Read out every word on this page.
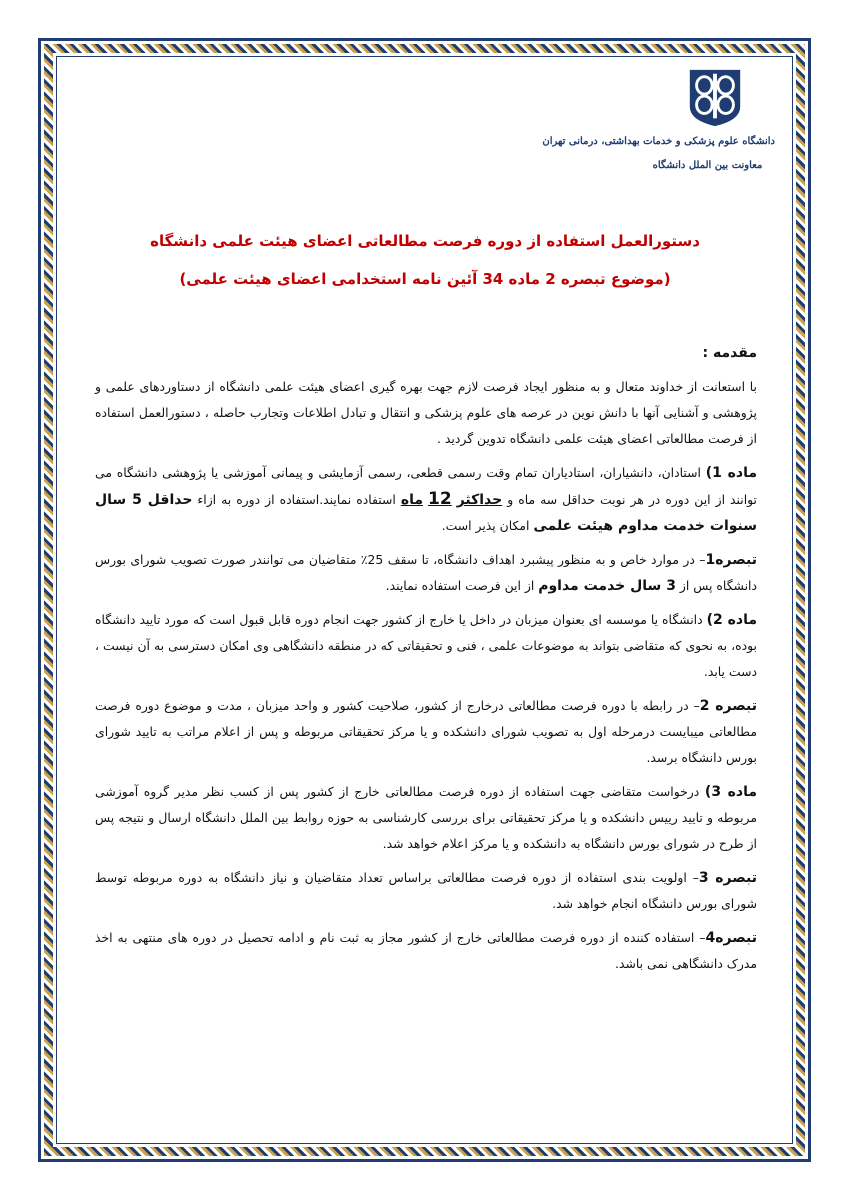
دانشگاه علوم پزشکی و خدمات بهداشتی، درمانی تهران
معاونت بین الملل دانشگاه
دستورالعمل استفاده از دوره فرصت مطالعاتی اعضای هیئت علمی دانشگاه
(موضوع تبصره 2 ماده 34 آئین نامه استخدامی اعضای هیئت علمی)
مقدمه :

با استعانت از خداوند متعال و به منظور ایجاد فرصت لازم جهت بهره گیری اعضای هیئت علمی دانشگاه از دستاوردهای علمی و پژوهشی و آشنایی آنها با دانش نوین در عرصه های علوم پزشکی و انتقال و تبادل اطلاعات وتجارب حاصله ، دستورالعمل استفاده از فرصت مطالعاتی اعضای هیئت علمی دانشگاه تدوین گردید .

ماده 1) استادان، دانشیاران، استادیاران تمام وقت رسمی قطعی، رسمی آزمایشی و پیمانی آموزشی یا پژوهشی دانشگاه می توانند از این دوره در هر نوبت حداقل سه ماه و حداکثر 12 ماه استفاده نمایند.استفاده از دوره به ازاء حداقل 5 سال سنوات خدمت مداوم هیئت علمی امکان پذیر است.

تبصره1– در موارد خاص و به منظور پیشبرد اهداف دانشگاه، تا سقف 25٪ متقاضیان می توانندر صورت تصویب شورای بورس دانشگاه پس از 3 سال خدمت مداوم از این فرصت استفاده نمایند.

ماده 2) دانشگاه یا موسسه ای بعنوان میزبان در داخل یا خارج از کشور جهت انجام دوره قابل قبول است که مورد تایید دانشگاه بوده، به نحوی که متقاضی بتواند به موضوعات علمی ، فنی و تحقیقاتی که در منطقه دانشگاهی وی امکان دسترسی به آن نیست ، دست یابد.

تبصره 2– در رابطه با دوره فرصت مطالعاتی درخارج از کشور، صلاحیت کشور و واحد میزبان ، مدت و موضوع دوره فرصت مطالعاتی میبایست درمرحله اول به تصویب شورای دانشکده و یا مرکز تحقیقاتی مربوطه و پس از اعلام مراتب به تایید شورای بورس دانشگاه برسد.

ماده 3) درخواست متقاضی جهت استفاده از دوره فرصت مطالعاتی خارج از کشور پس از کسب نظر مدیر گروه آموزشی مربوطه و تایید رییس دانشکده و یا مرکز تحقیقاتی برای بررسی کارشناسی به حوزه روابط بین الملل دانشگاه ارسال و نتیجه پس از طرح در شورای بورس دانشگاه به دانشکده و یا مرکز اعلام خواهد شد.

تبصره 3– اولویت بندی استفاده از دوره فرصت مطالعاتی براساس تعداد متقاضیان و نیاز دانشگاه به دوره مربوطه توسط شورای بورس دانشگاه انجام خواهد شد.

تبصره4– استفاده کننده از دوره فرصت مطالعاتی خارج از کشور مجاز به ثبت نام و ادامه تحصیل در دوره های منتهی به اخذ مدرک دانشگاهی نمی باشد.
